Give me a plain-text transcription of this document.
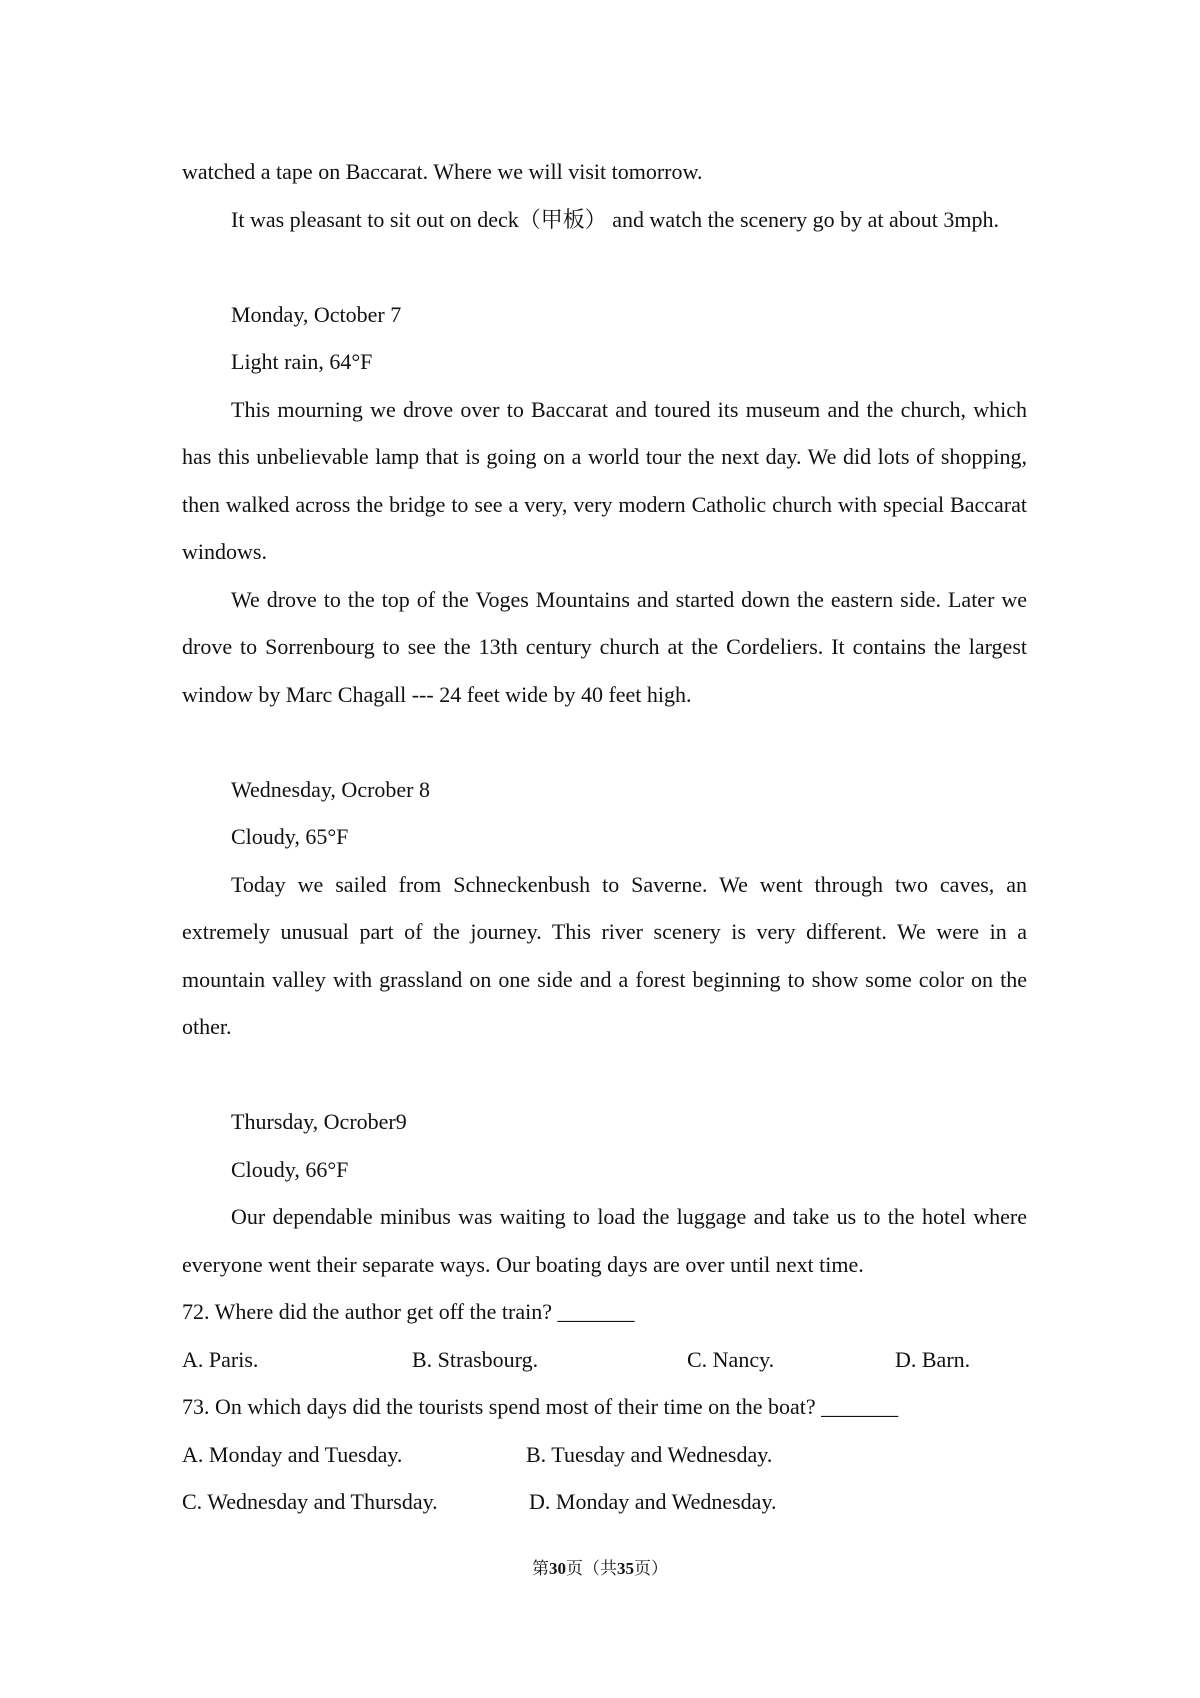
watched a tape on Baccarat. Where we will visit tomorrow.
It was pleasant to sit out on deck（甲板） and watch the scenery go by at about 3mph.
Monday, October 7
Light rain, 64°F
This mourning we drove over to Baccarat and toured its museum and the church, which has this unbelievable lamp that is going on a world tour the next day. We did lots of shopping, then walked across the bridge to see a very, very modern Catholic church with special Baccarat windows.
We drove to the top of the Voges Mountains and started down the eastern side. Later we drove to Sorrenbourg to see the 13th century church at the Cordeliers. It contains the largest window by Marc Chagall --- 24 feet wide by 40 feet high.
Wednesday, Ocrober 8
Cloudy, 65°F
Today we sailed from Schneckenbush to Saverne. We went through two caves, an extremely unusual part of the journey. This river scenery is very different. We were in a mountain valley with grassland on one side and a forest beginning to show some color on the other.
Thursday, Ocrober9
Cloudy, 66°F
Our dependable minibus was waiting to load the luggage and take us to the hotel where everyone went their separate ways. Our boating days are over until next time.
72. Where did the author get off the train? _______
A. Paris.	B. Strasbourg.	C. Nancy.	D. Barn.
73. On which days did the tourists spend most of their time on the boat? _______
A. Monday and Tuesday.	B. Tuesday and Wednesday.
C. Wednesday and Thursday.	D. Monday and Wednesday.
第30页（共35页）
